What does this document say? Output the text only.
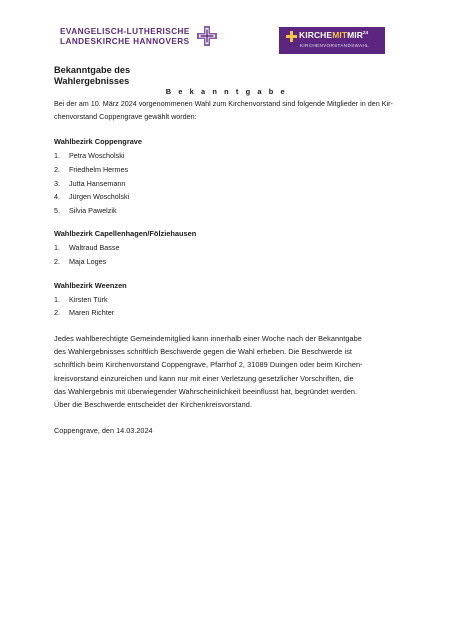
EVANGELISCH-LUTHERISCHE
LANDESKIRCHE HANNOVERS
KIRCHEMITMIR$^{24}$
KIRCHENVORSTANDSWAHL

Bekanntgabe des
Wahlergebnisses

B e k a n n t g a b e

Bei der am 10. März 2024 vorgenommenen Wahl zum Kirchenvorstand sind folgende Mitglieder in den Kir-
chenvorstand Coppengrave gewählt worden:

Wahlbezirk Coppengrave

1.	Petra Woscholski
2.	Friedhelm Hermes
3.	Jutta Hansemann
4.	Jürgen Woscholski
5.	Silvia Pawelzik

Wahlbezirk Capellenhagen/Fölziehausen

1.	Waltraud Basse
2.	Maja Loges

Wahlbezirk Weenzen

1.	Kirsten Türk
2.	Maren Richter

Jedes wahlberechtigte Gemeindemitglied kann innerhalb einer Woche nach der Bekanntgabe
des Wahlergebnisses schriftlich Beschwerde gegen die Wahl erheben. Die Beschwerde ist
schriftlich beim Kirchenvorstand Coppengrave, Pfarrhof 2, 31089 Duingen oder beim Kirchen-
kreisvorstand einzureichen und kann nur mit einer Verletzung gesetzlicher Vorschriften, die
das Wahlergebnis mit überwiegender Wahrscheinlichkeit beeinflusst hat, begründet werden.
Über die Beschwerde entscheidet der Kirchenkreisvorstand.

Coppengrave, den 14.03.2024
